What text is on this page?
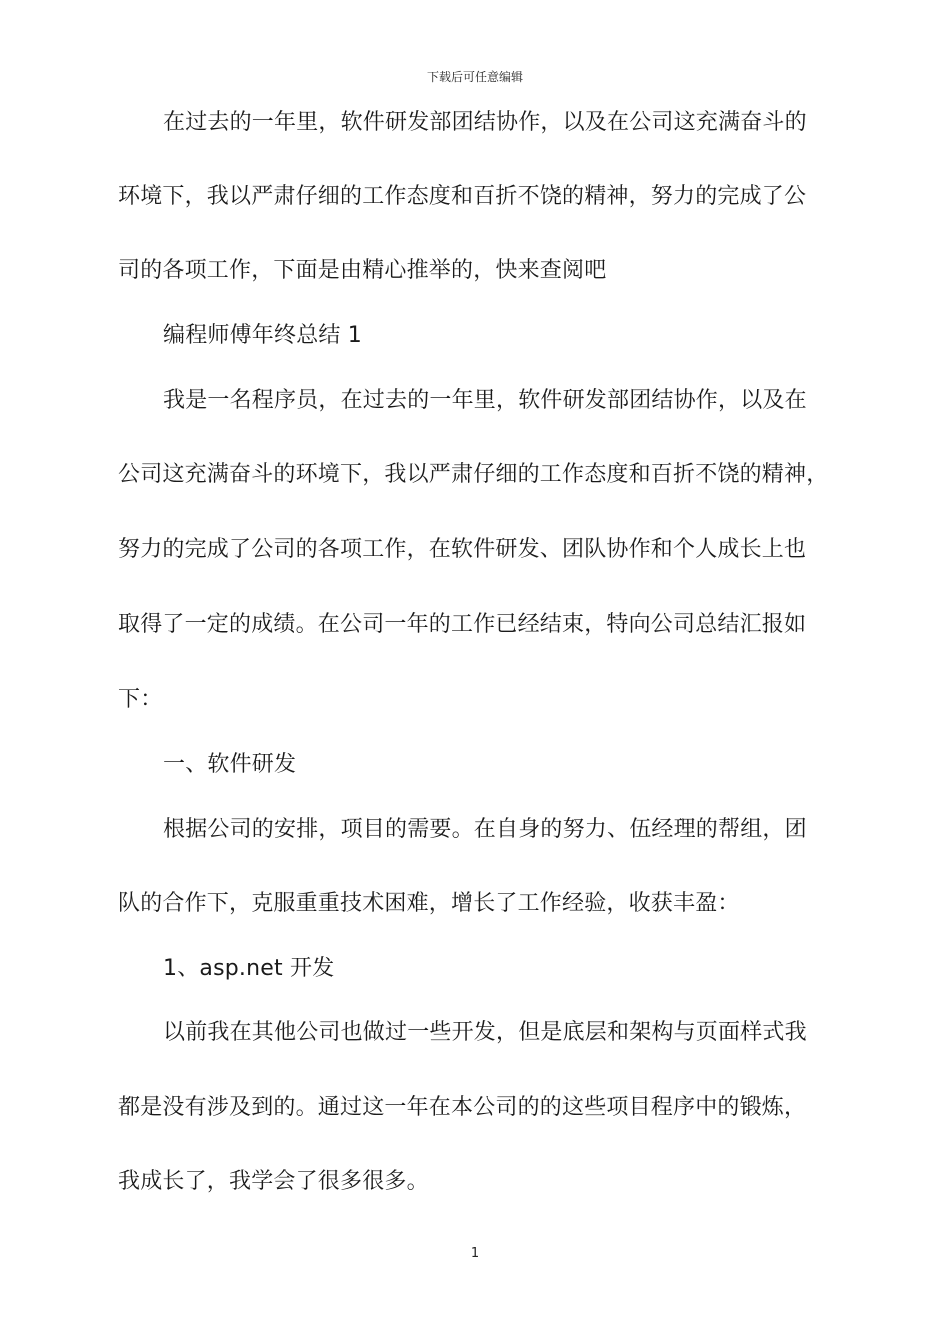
下载后可任意编辑
在过去的一年里，软件研发部团结协作，以及在公司这充满奋斗的
环境下，我以严肃仔细的工作态度和百折不饶的精神，努力的完成了公
司的各项工作，下面是由精心推举的，快来查阅吧
编程师傅年终总结 1
我是一名程序员，在过去的一年里，软件研发部团结协作，以及在
公司这充满奋斗的环境下，我以严肃仔细的工作态度和百折不饶的精神，
努力的完成了公司的各项工作，在软件研发、团队协作和个人成长上也
取得了一定的成绩。在公司一年的工作已经结束，特向公司总结汇报如
下：
一、软件研发
根据公司的安排，项目的需要。在自身的努力、伍经理的帮组，团
队的合作下，克服重重技术困难，增长了工作经验，收获丰盈：
1、asp.net 开发
以前我在其他公司也做过一些开发，但是底层和架构与页面样式我
都是没有涉及到的。通过这一年在本公司的的这些项目程序中的锻炼，
我成长了，我学会了很多很多。
1
